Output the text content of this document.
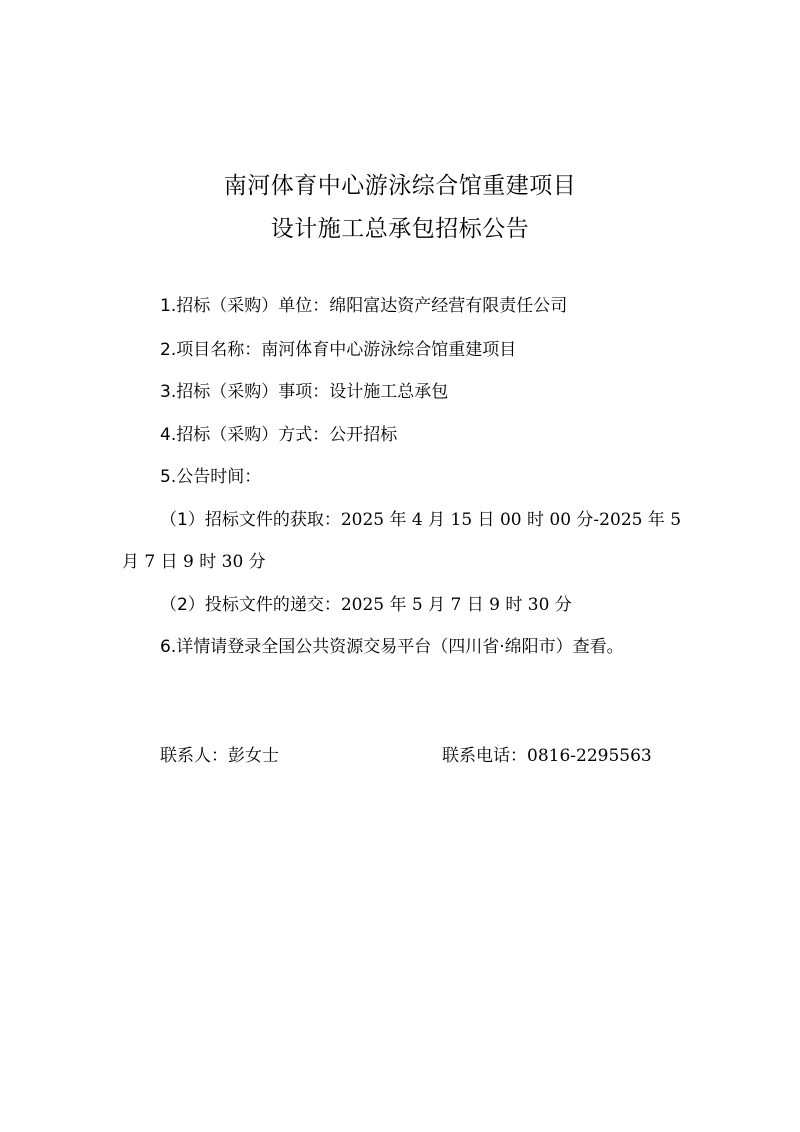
南河体育中心游泳综合馆重建项目
设计施工总承包招标公告
1.招标（采购）单位：绵阳富达资产经营有限责任公司
2.项目名称：南河体育中心游泳综合馆重建项目
3.招标（采购）事项：设计施工总承包
4.招标（采购）方式：公开招标
5.公告时间：
（1）招标文件的获取：2025 年 4 月 15 日 00 时 00 分-2025 年 5
月 7 日 9 时 30 分
（2）投标文件的递交：2025 年 5 月 7 日 9 时 30 分
6.详情请登录全国公共资源交易平台（四川省·绵阳市）查看。
联系人：彭女士	联系电话：0816-2295563
